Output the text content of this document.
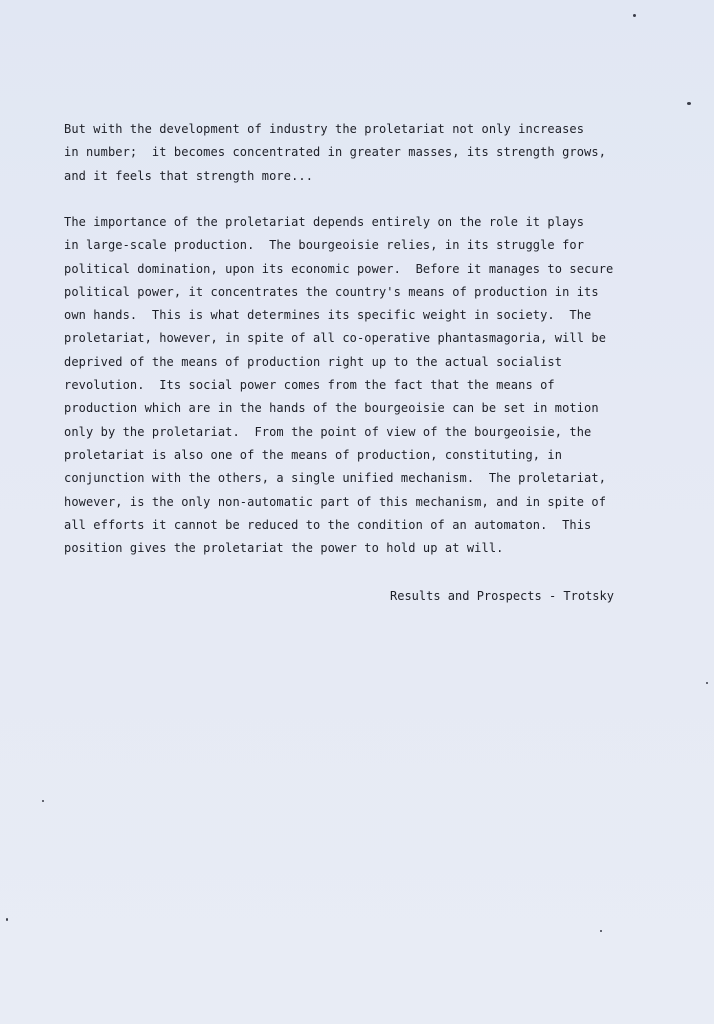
But with the development of industry the proletariat not only increases
in number;  it becomes concentrated in greater masses, its strength grows,
and it feels that strength more...
The importance of the proletariat depends entirely on the role it plays
in large-scale production.  The bourgeoisie relies, in its struggle for
political domination, upon its economic power.  Before it manages to secure
political power, it concentrates the country's means of production in its
own hands.  This is what determines its specific weight in society.  The
proletariat, however, in spite of all co-operative phantasmagoria, will be
deprived of the means of production right up to the actual socialist
revolution.  Its social power comes from the fact that the means of
production which are in the hands of the bourgeoisie can be set in motion
only by the proletariat.  From the point of view of the bourgeoisie, the
proletariat is also one of the means of production, constituting, in
conjunction with the others, a single unified mechanism.  The proletariat,
however, is the only non-automatic part of this mechanism, and in spite of
all efforts it cannot be reduced to the condition of an automaton.  This
position gives the proletariat the power to hold up at will.
Results and Prospects - Trotsky
